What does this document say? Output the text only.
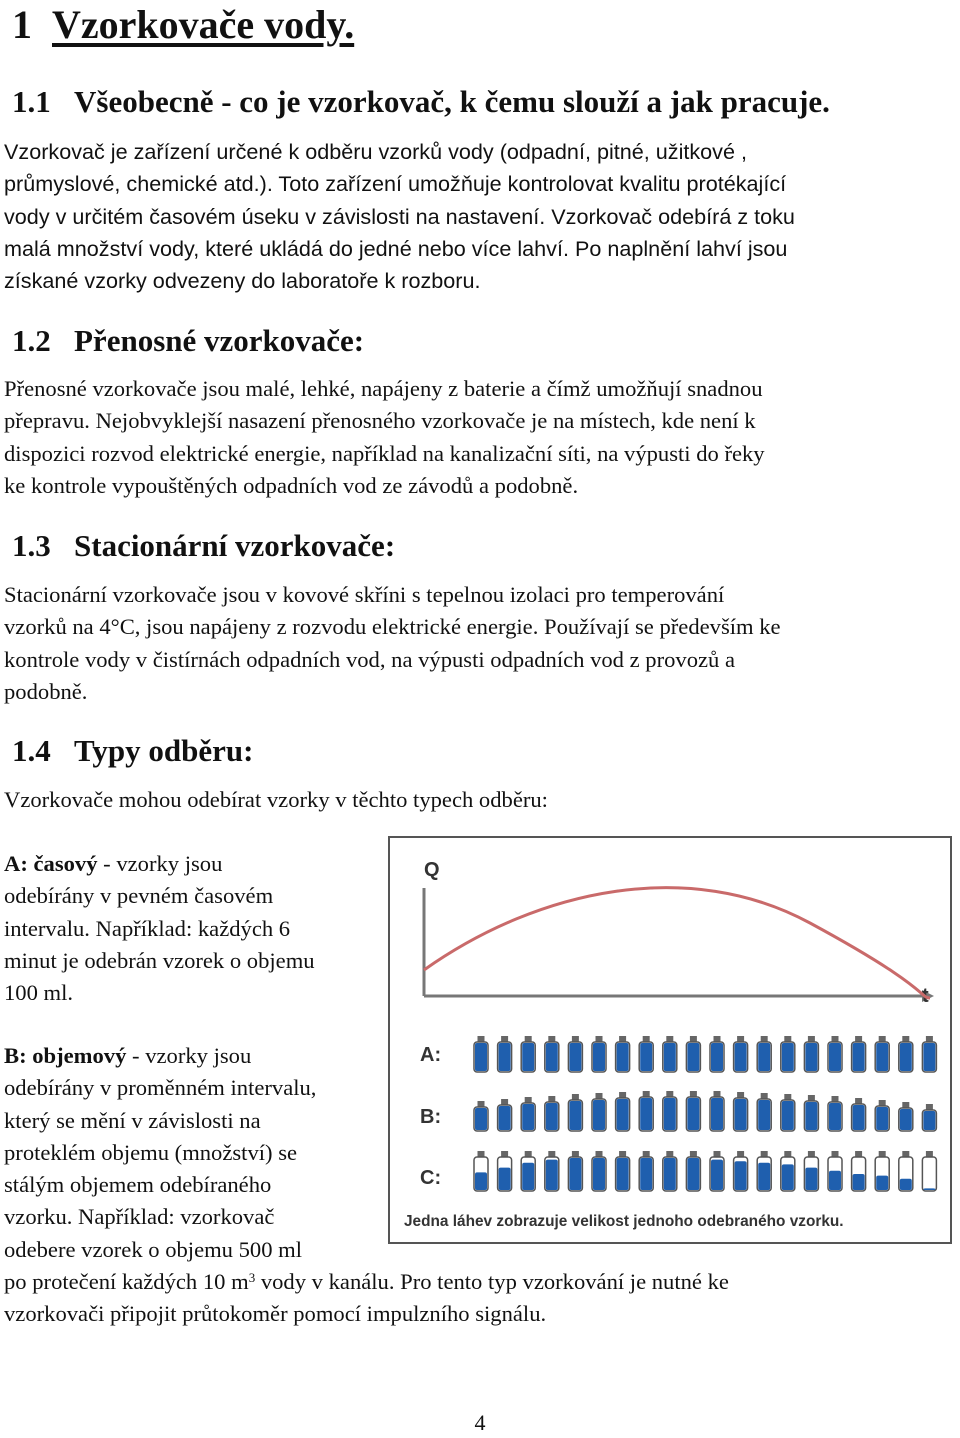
1 Vzorkovače vody.
1.1 Všeobecně - co je vzorkovač, k čemu slouží a jak pracuje.
Vzorkovač je zařízení určené k odběru vzorků vody (odpadní, pitné, užitkové ,
průmyslové, chemické atd.). Toto zařízení umožňuje kontrolovat kvalitu protékající
vody v určitém časovém úseku v závislosti na nastavení. Vzorkovač odebírá z toku
malá množství vody, které ukládá do jedné nebo více lahví. Po naplnění lahví jsou
získané vzorky odvezeny do laboratoře k rozboru.
1.2 Přenosné vzorkovače:
Přenosné vzorkovače jsou malé, lehké, napájeny z baterie a čímž umožňují snadnou
přepravu. Nejobvyklejší nasazení přenosného vzorkovače je na místech, kde není k
dispozici rozvod elektrické energie, například na kanalizační síti, na výpusti do řeky
ke kontrole vypouštěných odpadních vod ze závodů a podobně.
1.3 Stacionární vzorkovače:
Stacionární vzorkovače jsou v kovové skříni s tepelnou izolaci pro temperování
vzorků na 4°C, jsou napájeny z rozvodu elektrické energie. Používají se především ke
kontrole vody v čistírnách odpadních vod, na výpusti odpadních vod z provozů a
podobně.
1.4 Typy odběru:
Vzorkovače mohou odebírat vzorky v těchto typech odběru:
A: časový - vzorky jsou
odebírány v pevném časovém
intervalu. Například: každých 6
minut je odebrán vzorek o objemu
100 ml.
B: objemový - vzorky jsou
odebírány v proměnném intervalu,
který se mění v závislosti na
proteklém objemu (množství) se
stálým objemem odebíraného
vzorku. Například: vzorkovač
odebere vzorek o objemu 500 ml
po protečení každých 10 $m^3$ vody v kanálu. Pro tento typ vzorkování je nutné ke
vzorkovači připojit průtokoměr pomocí impulzního signálu.
Q
t
A:
B:
C:
Jedna láhev zobrazuje velikost jednoho odebraného vzorku.
4
